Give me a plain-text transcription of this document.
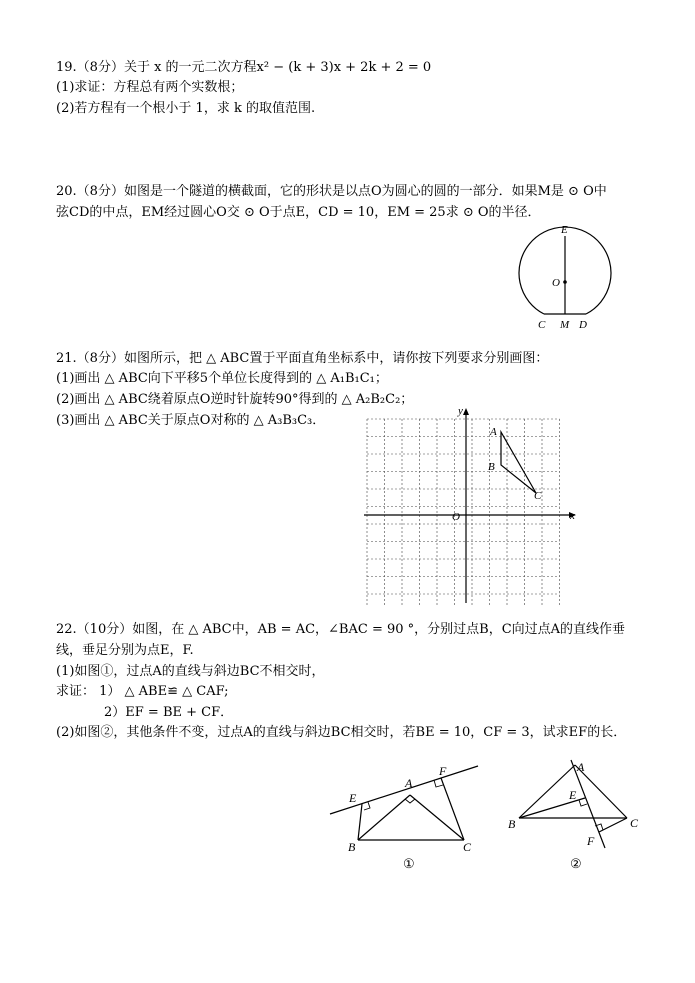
19.（8分）关于 x 的一元二次方程x² − (k + 3)x + 2k + 2 = 0
(1)求证：方程总有两个实数根；
(2)若方程有一个根小于 1，求 k 的取值范围.
20.（8分）如图是一个隧道的横截面，它的形状是以点O为圆心的圆的一部分．如果M是 ⊙ O中
弦CD的中点，EM经过圆心O交 ⊙ O于点E，CD = 10，EM = 25求 ⊙ O的半径．
E
O
C M D
21.（8分）如图所示，把 △ ABC置于平面直角坐标系中，请你按下列要求分别画图：
(1)画出 △ ABC向下平移5个单位长度得到的 △ A₁B₁C₁；
(2)画出 △ ABC绕着原点O逆时针旋转90°得到的 △ A₂B₂C₂；
(3)画出 △ ABC关于原点O对称的 △ A₃B₃C₃．
x
y
O
A
B
C
22.（10分）如图，在 △ ABC中，AB = AC，∠BAC = 90 °，分别过点B，C向过点A的直线作垂
线，垂足分别为点E，F.
(1)如图①，过点A的直线与斜边BC不相交时，
求证： 1） △ ABE≌ △ CAF;
2）EF = BE + CF．
(2)如图②，其他条件不变，过点A的直线与斜边BC相交时，若BE = 10，CF = 3，试求EF的长．
E
A
F
B	C
①
A
E
B	C
F
②
